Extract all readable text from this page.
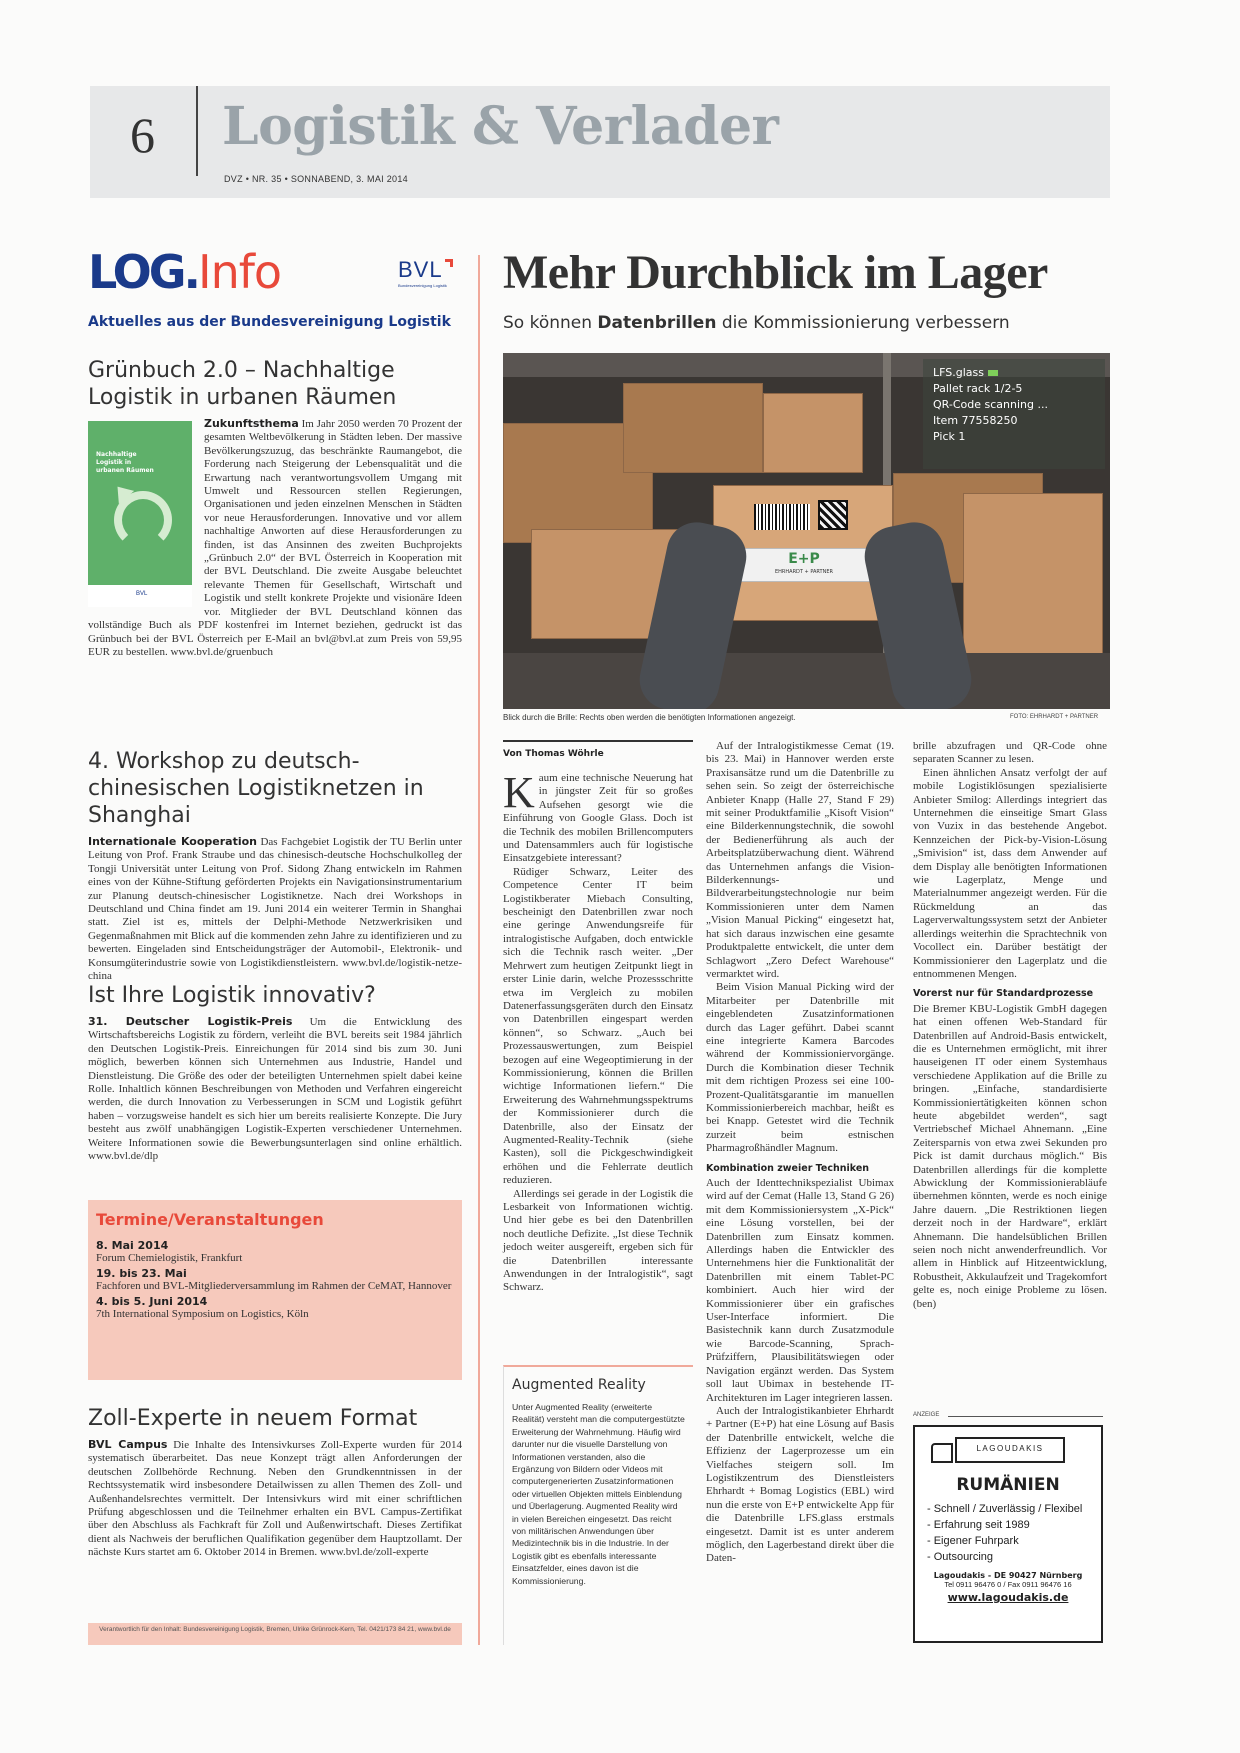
6 Logistik & Verlader
DVZ • NR. 35 • SONNABEND, 3. MAI 2014
LOG.Info	BVL
Bundesvereinigung Logistik
Aktuelles aus der Bundesvereinigung Logistik
Grünbuch 2.0 – Nachhaltige Logistik in urbanen Räumen
Nachhaltige Logistik in urbanen Räumen
BVL
Zukunftsthema Im Jahr 2050 werden 70 Prozent der gesamten Weltbevölkerung in Städten leben. Der massive Bevölkerungszuzug, das beschränkte Raumangebot, die Forderung nach Steigerung der Lebensqualität und die Erwartung nach verantwortungsvollem Umgang mit Umwelt und Ressourcen stellen Regierungen, Organisationen und jeden einzelnen Menschen in Städten vor neue Herausforderungen. Innovative und vor allem nachhaltige Anworten auf diese Herausforderungen zu finden, ist das Ansinnen des zweiten Buchprojekts „Grünbuch 2.0“ der BVL Österreich in Kooperation mit der BVL Deutschland. Die zweite Ausgabe beleuchtet relevante Themen für Gesellschaft, Wirtschaft und Logistik und stellt konkrete Projekte und visionäre Ideen vor. Mitglieder der BVL Deutschland können das vollständige Buch als PDF kostenfrei im Internet beziehen, gedruckt ist das Grünbuch bei der BVL Österreich per E-Mail an bvl@bvl.at zum Preis von 59,95 EUR zu bestellen. www.bvl.de/gruenbuch
4. Workshop zu deutsch-chinesischen Logistiknetzen in Shanghai
Internationale Kooperation Das Fachgebiet Logistik der TU Berlin unter Leitung von Prof. Frank Straube und das chinesisch-deutsche Hochschulkolleg der Tongji Universität unter Leitung von Prof. Sidong Zhang entwickeln im Rahmen eines von der Kühne-Stiftung geförderten Projekts ein Navigationsinstrumentarium zur Planung deutsch-chinesischer Logistiknetze. Nach drei Workshops in Deutschland und China findet am 19. Juni 2014 ein weiterer Termin in Shanghai statt. Ziel ist es, mittels der Delphi-Methode Netzwerkrisiken und Gegenmaßnahmen mit Blick auf die kommenden zehn Jahre zu identifizieren und zu bewerten. Eingeladen sind Entscheidungsträger der Automobil-, Elektronik- und Konsumgüterindustrie sowie von Logistikdienstleistern. www.bvl.de/logistik-netze-china
Ist Ihre Logistik innovativ?
31. Deutscher Logistik-Preis Um die Entwicklung des Wirtschaftsbereichs Logistik zu fördern, verleiht die BVL bereits seit 1984 jährlich den Deutschen Logistik-Preis. Einreichungen für 2014 sind bis zum 30. Juni möglich, bewerben können sich Unternehmen aus Industrie, Handel und Dienstleistung. Die Größe des oder der beteiligten Unternehmen spielt dabei keine Rolle. Inhaltlich können Beschreibungen von Methoden und Verfahren eingereicht werden, die durch Innovation zu Verbesserungen in SCM und Logistik geführt haben – vorzugsweise handelt es sich hier um bereits realisierte Konzepte. Die Jury besteht aus zwölf unabhängigen Logistik-Experten verschiedener Unternehmen. Weitere Informationen sowie die Bewerbungsunterlagen sind online erhältlich. www.bvl.de/dlp
Termine/Veranstaltungen
8. Mai 2014
Forum Chemielogistik, Frankfurt
19. bis 23. Mai
Fachforen und BVL-Mitgliederversammlung im Rahmen der CeMAT, Hannover
4. bis 5. Juni 2014
7th International Symposium on Logistics, Köln
Zoll-Experte in neuem Format
BVL Campus Die Inhalte des Intensivkurses Zoll-Experte wurden für 2014 systematisch überarbeitet. Das neue Konzept trägt allen Anforderungen der deutschen Zollbehörde Rechnung. Neben den Grundkenntnissen in der Rechtssystematik wird insbesondere Detailwissen zu allen Themen des Zoll- und Außenhandelsrechtes vermittelt. Der Intensivkurs wird mit einer schriftlichen Prüfung abgeschlossen und die Teilnehmer erhalten ein BVL Campus-Zertifikat über den Abschluss als Fachkraft für Zoll und Außenwirtschaft. Dieses Zertifikat dient als Nachweis der beruflichen Qualifikation gegenüber dem Hauptzollamt. Der nächste Kurs startet am 6. Oktober 2014 in Bremen. www.bvl.de/zoll-experte
Verantwortlich für den Inhalt: Bundesvereinigung Logistik, Bremen, Ulrike Grünrock-Kern, Tel. 0421/173 84 21, www.bvl.de
Mehr Durchblick im Lager
So können Datenbrillen die Kommissionierung verbessern
E+P
EHRHARDT + PARTNER
LFS.glass
Pallet rack 1/2-5
QR-Code scanning ...
Item 77558250
Pick 1
Blick durch die Brille: Rechts oben werden die benötigten Informationen angezeigt.	FOTO: EHRHARDT + PARTNER
Von Thomas Wöhrle
K aum eine technische Neuerung hat in jüngster Zeit für so großes Aufsehen gesorgt wie die Einführung von Google Glass. Doch ist die Technik des mobilen Brillencomputers und Datensammlers auch für logistische Einsatzgebiete interessant?

Rüdiger Schwarz, Leiter des Competence Center IT beim Logistikberater Miebach Consulting, bescheinigt den Datenbrillen zwar noch eine geringe Anwendungsreife für intralogistische Aufgaben, doch entwickle sich die Technik rasch weiter. „Der Mehrwert zum heutigen Zeitpunkt liegt in erster Linie darin, welche Prozessschritte etwa im Vergleich zu mobilen Datenerfassungsgeräten durch den Einsatz von Datenbrillen eingespart werden können“, so Schwarz. „Auch bei Prozessauswertungen, zum Beispiel bezogen auf eine Wegeoptimierung in der Kommissionierung, können die Brillen wichtige Informationen liefern.“ Die Erweiterung des Wahrnehmungsspektrums der Kommissionierer durch die Datenbrille, also der Einsatz der Augmented-Reality-Technik (siehe Kasten), soll die Pickgeschwindigkeit erhöhen und die Fehlerrate deutlich reduzieren.

Allerdings sei gerade in der Logistik die Lesbarkeit von Informationen wichtig. Und hier gebe es bei den Datenbrillen noch deutliche Defizite. „Ist diese Technik jedoch weiter ausgereift, ergeben sich für die Datenbrillen interessante Anwendungen in der Intralogistik“, sagt Schwarz.

Augmented Reality
Unter Augmented Reality (erweiterte Realität) versteht man die computergestützte Erweiterung der Wahrnehmung. Häufig wird darunter nur die visuelle Darstellung von Informationen verstanden, also die Ergänzung von Bildern oder Videos mit computergenerierten Zusatzinformationen oder virtuellen Objekten mittels Einblendung und Überlagerung. Augmented Reality wird in vielen Bereichen eingesetzt. Das reicht von militärischen Anwendungen über Medizintechnik bis in die Industrie. In der Logistik gibt es ebenfalls interessante Einsatzfelder, eines davon ist die Kommissionierung.

Auf der Intralogistikmesse Cemat (19. bis 23. Mai) in Hannover werden erste Praxisansätze rund um die Datenbrille zu sehen sein. So zeigt der österreichische Anbieter Knapp (Halle 27, Stand F 29) mit seiner Produktfamilie „Kisoft Vision“ eine Bilderkennungstechnik, die sowohl der Bedienerführung als auch der Arbeitsplatzüberwachung dient. Während das Unternehmen anfangs die Vision-Bilderkennungs- und Bildverarbeitungstechnologie nur beim Kommissionieren unter dem Namen „Vision Manual Picking“ eingesetzt hat, hat sich daraus inzwischen eine gesamte Produktpalette entwickelt, die unter dem Schlagwort „Zero Defect Warehouse“ vermarktet wird.

Beim Vision Manual Picking wird der Mitarbeiter per Datenbrille mit eingeblendeten Zusatzinformationen durch das Lager geführt. Dabei scannt eine integrierte Kamera Barcodes während der Kommissioniervorgänge. Durch die Kombination dieser Technik mit dem richtigen Prozess sei eine 100-Prozent-Qualitätsgarantie im manuellen Kommissionierbereich machbar, heißt es bei Knapp. Getestet wird die Technik zurzeit beim estnischen Pharmagroßhändler Magnum.

Kombination zweier Techniken

Auch der Identtechnikspezialist Ubimax wird auf der Cemat (Halle 13, Stand G 26) mit dem Kommissioniersystem „X-Pick“ eine Lösung vorstellen, bei der Datenbrillen zum Einsatz kommen. Allerdings haben die Entwickler des Unternehmens hier die Funktionalität der Datenbrillen mit einem Tablet-PC kombiniert. Auch hier wird der Kommissionierer über ein grafisches User-Interface informiert. Die Basistechnik kann durch Zusatzmodule wie Barcode-Scanning, Sprach-Prüfziffern, Plausibilitätswiegen oder Navigation ergänzt werden. Das System soll laut Ubimax in bestehende IT-Architekturen im Lager integrieren lassen.

Auch der Intralogistikanbieter Ehrhardt + Partner (E+P) hat eine Lösung auf Basis der Datenbrille entwickelt, welche die Effizienz der Lagerprozesse um ein Vielfaches steigern soll. Im Logistikzentrum des Dienstleisters Ehrhardt + Bomag Logistics (EBL) wird nun die erste von E+P entwickelte App für die Datenbrille LFS.glass erstmals eingesetzt. Damit ist es unter anderem möglich, den Lagerbestand direkt über die Daten-

brille abzufragen und QR-Code ohne separaten Scanner zu lesen.

Einen ähnlichen Ansatz verfolgt der auf mobile Logistiklösungen spezialisierte Anbieter Smilog: Allerdings integriert das Unternehmen die einseitige Smart Glass von Vuzix in das bestehende Angebot. Kennzeichen der Pick-by-Vision-Lösung „Smivision“ ist, dass dem Anwender auf dem Display alle benötigten Informationen wie Lagerplatz, Menge und Materialnummer angezeigt werden. Für die Rückmeldung an das Lagerverwaltungssystem setzt der Anbieter allerdings weiterhin die Sprachtechnik von Vocollect ein. Darüber bestätigt der Kommissionierer den Lagerplatz und die entnommenen Mengen.

Vorerst nur für Standardprozesse

Die Bremer KBU-Logistik GmbH dagegen hat einen offenen Web-Standard für Datenbrillen auf Android-Basis entwickelt, die es Unternehmen ermöglicht, mit ihrer hauseigenen IT oder einem Systemhaus verschiedene Applikation auf die Brille zu bringen. „Einfache, standardisierte Kommissioniertätigkeiten können schon heute abgebildet werden“, sagt Vertriebschef Michael Ahnemann. „Eine Zeitersparnis von etwa zwei Sekunden pro Pick ist damit durchaus möglich.“ Bis Datenbrillen allerdings für die komplette Abwicklung der Kommissionierabläufe übernehmen könnten, werde es noch einige Jahre dauern. „Die Restriktionen liegen derzeit noch in der Hardware“, erklärt Ahnemann. Die handelsüblichen Brillen seien noch nicht anwenderfreundlich. Vor allem in Hinblick auf Hitzeentwicklung, Robustheit, Akkulaufzeit und Tragekomfort gelte es, noch einige Probleme zu lösen. (ben)

ANZEIGE
LAGOUDAKIS
RUMÄNIEN
- Schnell / Zuverlässig / Flexibel
- Erfahrung seit 1989
- Eigener Fuhrpark
- Outsourcing
Lagoudakis - DE 90427 Nürnberg
Tel 0911 96476 0 / Fax 0911 96476 16
www.lagoudakis.de
